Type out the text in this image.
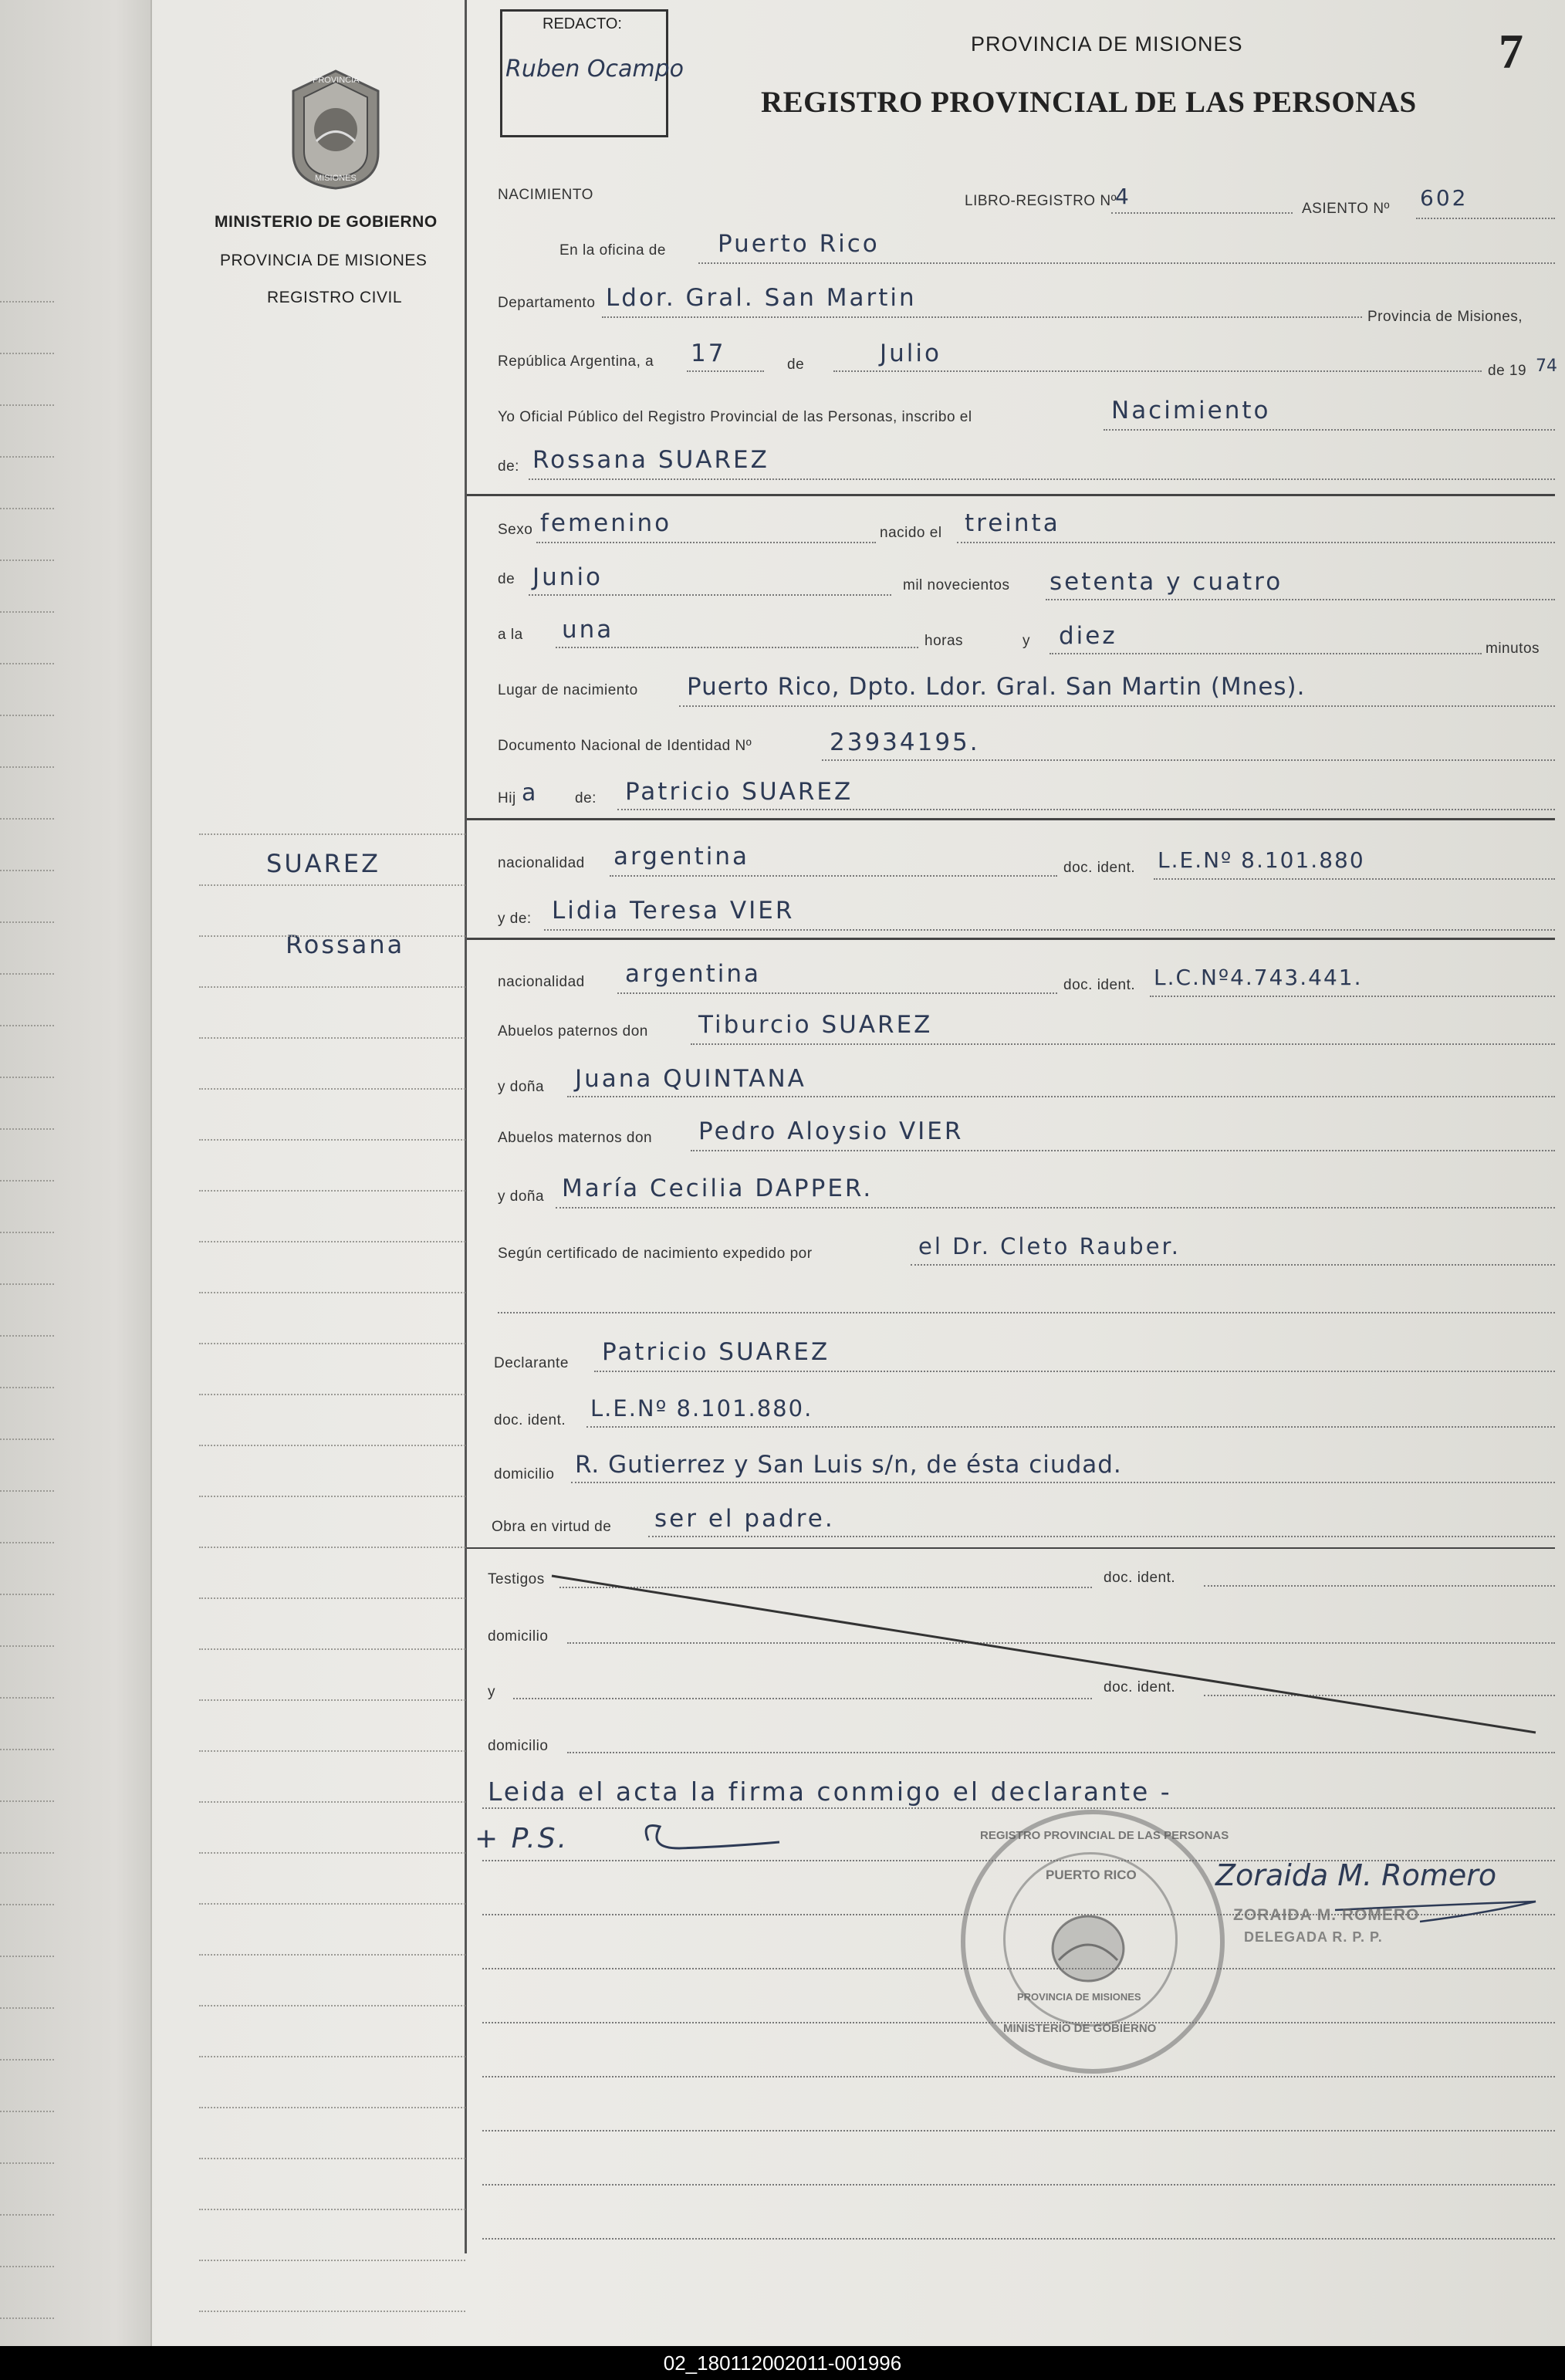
PROVINCIA
MISIONES
MINISTERIO DE GOBIERNO
PROVINCIA DE MISIONES
REGISTRO CIVIL
SUAREZ
Rossana
REDACTO:
Ruben Ocampo
PROVINCIA DE MISIONES
REGISTRO PROVINCIAL DE LAS PERSONAS
7
NACIMIENTO	LIBRO-REGISTRO Nº
4	ASIENTO Nº 602
En la oficina de Puerto Rico
Departamento Ldor. Gral. San Martin
Provincia de Misiones,
República Argentina, a 17	de	Julio
de 19 74
Yo Oficial Público del Registro Provincial de las Personas, inscribo el	Nacimiento
de: Rossana SUAREZ
Sexo femenino	nacido el treinta
de Junio	mil novecientos setenta y cuatro
a la una	horas	y diez	minutos
Lugar de nacimiento Puerto Rico, Dpto. Ldor. Gral. San Martin (Mnes).
Documento Nacional de Identidad Nº	23934195.
Hij a	de: Patricio SUAREZ
nacionalidad argentina	doc. ident. L.E.Nº 8.101.880
y de: Lidia Teresa VIER
nacionalidad argentina	doc. ident. L.C.Nº4.743.441.
Abuelos paternos don Tiburcio SUAREZ
y doña Juana QUINTANA
Abuelos maternos don Pedro Aloysio VIER
y doña María Cecilia DAPPER.
Según certificado de nacimiento expedido por	el Dr. Cleto Rauber.
Declarante Patricio SUAREZ
doc. ident. L.E.Nº 8.101.880.
domicilio R. Gutierrez y San Luis s/n, de ésta ciudad.
Obra en virtud de ser el padre.
Testigos	doc. ident.
domicilio
y	doc. ident.
domicilio
Leida el acta la firma conmigo el declarante -
+ P.S.	REGISTRO PROVINCIAL DE LAS PERSONAS
PUERTO RICO
PROVINCIA DE MISIONES
MINISTERIO DE GOBIERNO
Zoraida M. Romero
ZORAIDA M. ROMERO
DELEGADA R. P. P.
02_180112002011-001996
